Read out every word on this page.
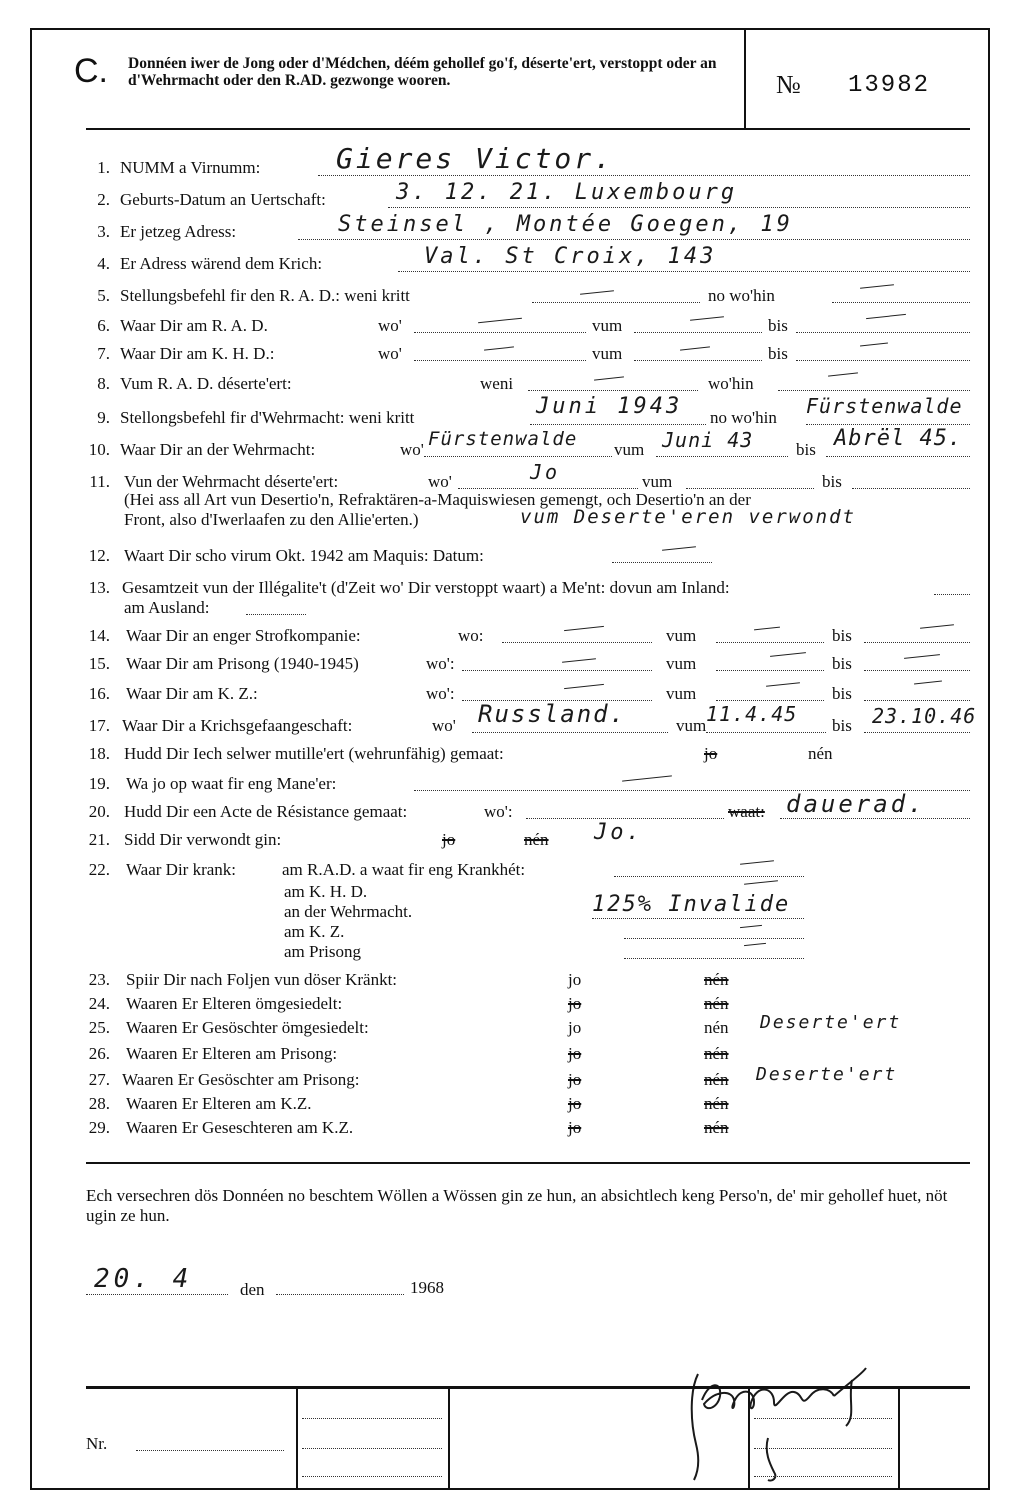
C. Donnéen iwer de Jong oder d'Médchen, déém gehollef go'f, déserte'ert, verstoppt oder an d'Wehrmacht oder den R.AD. gezwonge wooren.	№ 13982
1. NUMM a Virnumm:	Gieres Victor.
2. Geburts-Datum an Uertschaft:	3. 12. 21. Luxembourg
3. Er jetzeg Adress:	Steinsel , Montée Goegen, 19
4. Er Adress wärend dem Krich:	Val. St Croix, 143
5. Stellungsbefehl fir den R. A. D.: weni kritt	no wo'hin
6. Waar Dir am R. A. D.	wo'	vum	bis
7. Waar Dir am K. H. D.:	wo'	vum	bis
8. Vum R. A. D. déserte'ert:	weni	wo'hin
9. Stellongsbefehl fir d'Wehrmacht: weni kritt	Juni 1943 no wo'hin Fürstenwalde
10. Waar Dir an der Wehrmacht:	wo' Fürstenwalde vum Juni 43	bis Abrël 45.
11. Vun der Wehrmacht déserte'ert:	wo'	Jo	vum	bis
(Hei ass all Art vun Desertio'n, Refraktären-a-Maquiswiesen gemengt, och Desertio'n an der
Front, also d'Iwerlaafen zu den Allie'erten.)	vum Deserte'eren verwondt
12. Waart Dir scho virum Okt. 1942 am Maquis: Datum:
13. Gesamtzeit vun der Illégalite't (d'Zeit wo' Dir verstoppt waart) a Me'nt: dovun am Inland:
am Ausland:
14. Waar Dir an enger Strofkompanie:	wo:	vum	bis
15. Waar Dir am Prisong (1940-1945)	wo':	vum	bis
16. Waar Dir am K. Z.:	wo':	vum	bis
17. Waar Dir a Krichsgefaangeschaft:	wo' Russland.	vum 11.4.45 bis 23.10.46
18. Hudd Dir Iech selwer mutille'ert (wehrunfähig) gemaat:	jo	nén
19. Wa jo op waat fir eng Mane'er:
20. Hudd Dir een Acte de Résistance gemaat:	wo':	waat: dauerad.
21. Sidd Dir verwondt gin:	jo	nén Jo.
22. Waar Dir krank:	am R.A.D. a waat fir eng Krankhét:
am K. H. D.
an der Wehrmacht.	125% Invalide
am K. Z.
am Prisong
23. Spiir Dir nach Foljen vun döser Kränkt:	jo	nén
24. Waaren Er Elteren ömgesiedelt:	jo	nén
25. Waaren Er Gesöschter ömgesiedelt:	jo	nén Deserte'ert
26. Waaren Er Elteren am Prisong:	jo	nén
27. Waaren Er Gesöschter am Prisong:	jo	nén Deserte'ert
28. Waaren Er Elteren am K.Z.	jo	nén
29. Waaren Er Geseschteren am K.Z.	jo	nén
Ech versechren dös Donnéen no beschtem Wöllen a Wössen gin ze hun, an absichtlech keng Perso'n, de' mir gehollef huet, nöt ugin ze hun.
20. 4	den	1968
Nr.
